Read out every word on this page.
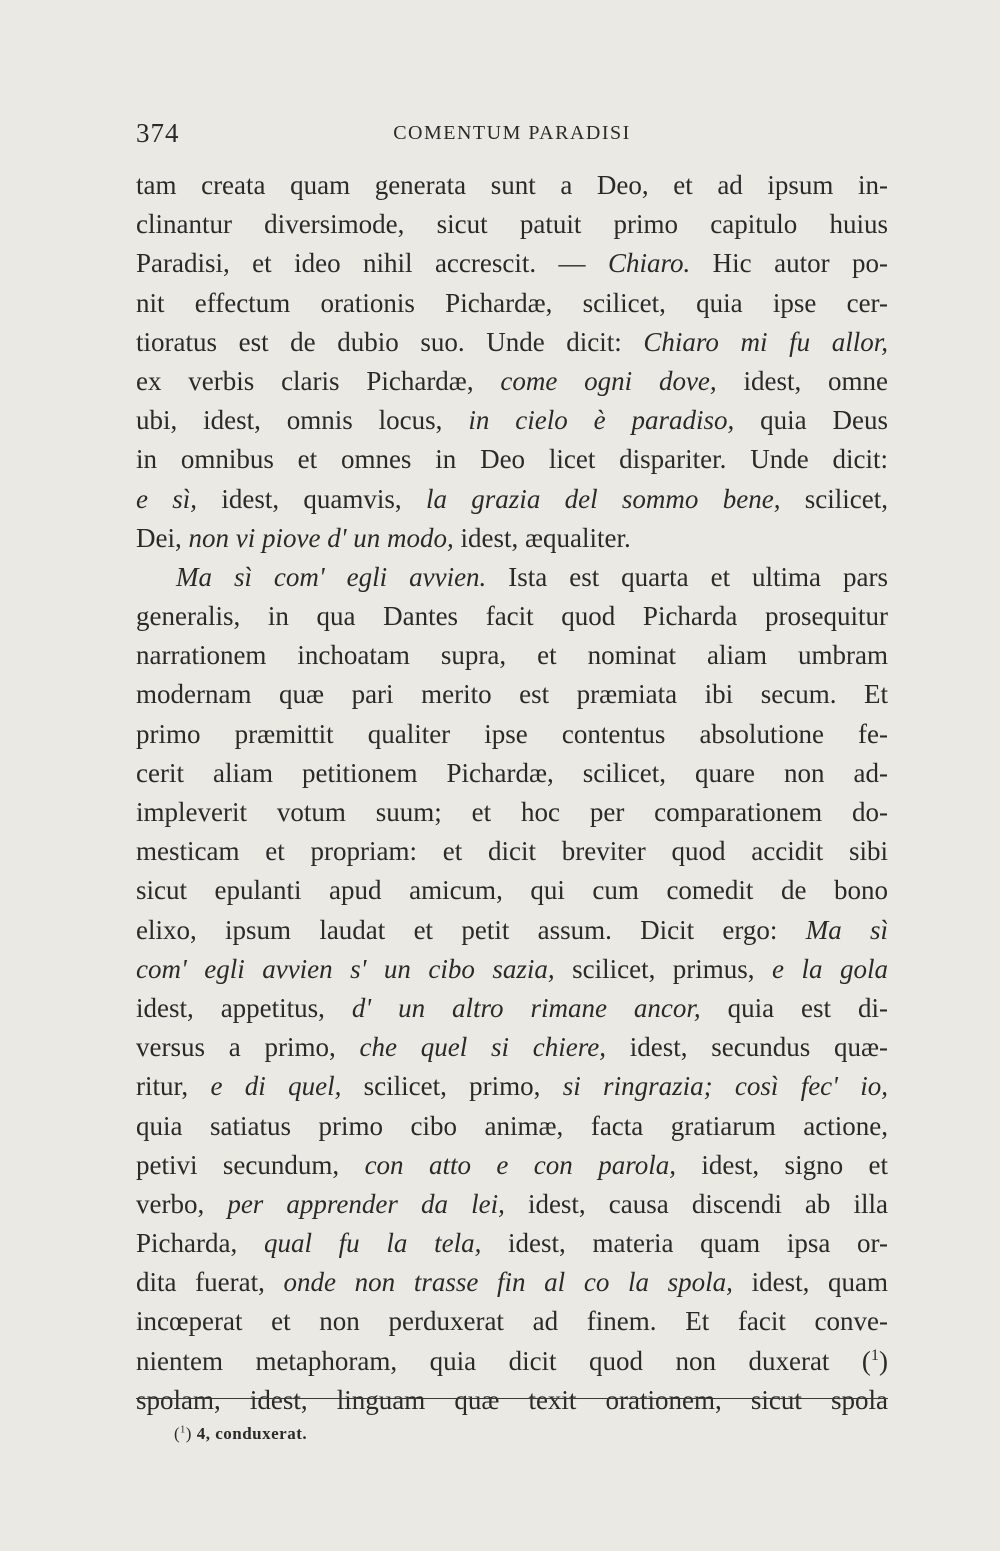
374	COMENTUM PARADISI
tam creata quam generata sunt a Deo, et ad ipsum in-
clinantur diversimode, sicut patuit primo capitulo huius
Paradisi, et ideo nihil accrescit. — Chiaro. Hic autor po-
nit effectum orationis Pichardæ, scilicet, quia ipse cer-
tioratus est de dubio suo. Unde dicit: Chiaro mi fu allor,
ex verbis claris Pichardæ, come ogni dove, idest, omne
ubi, idest, omnis locus, in cielo è paradiso, quia Deus
in omnibus et omnes in Deo licet dispariter. Unde dicit:
e sì, idest, quamvis, la grazia del sommo bene, scilicet,
Dei, non vi piove d' un modo, idest, æqualiter.
Ma sì com' egli avvien. Ista est quarta et ultima pars
generalis, in qua Dantes facit quod Picharda prosequitur
narrationem inchoatam supra, et nominat aliam umbram
modernam quæ pari merito est præmiata ibi secum. Et
primo præmittit qualiter ipse contentus absolutione fe-
cerit aliam petitionem Pichardæ, scilicet, quare non ad-
impleverit votum suum; et hoc per comparationem do-
mesticam et propriam: et dicit breviter quod accidit sibi
sicut epulanti apud amicum, qui cum comedit de bono
elixo, ipsum laudat et petit assum. Dicit ergo: Ma sì
com' egli avvien s' un cibo sazia, scilicet, primus, e la gola
idest, appetitus, d' un altro rimane ancor, quia est di-
versus a primo, che quel si chiere, idest, secundus quæ-
ritur, e di quel, scilicet, primo, si ringrazia; così fec' io,
quia satiatus primo cibo animæ, facta gratiarum actione,
petivi secundum, con atto e con parola, idest, signo et
verbo, per apprender da lei, idest, causa discendi ab illa
Picharda, qual fu la tela, idest, materia quam ipsa or-
dita fuerat, onde non trasse fin al co la spola, idest, quam
incœperat et non perduxerat ad finem. Et facit conve-
nientem metaphoram, quia dicit quod non duxerat ($^1$)
spolam, idest, linguam quæ texit orationem, sicut spola
($^1$) 4, conduxerat.
